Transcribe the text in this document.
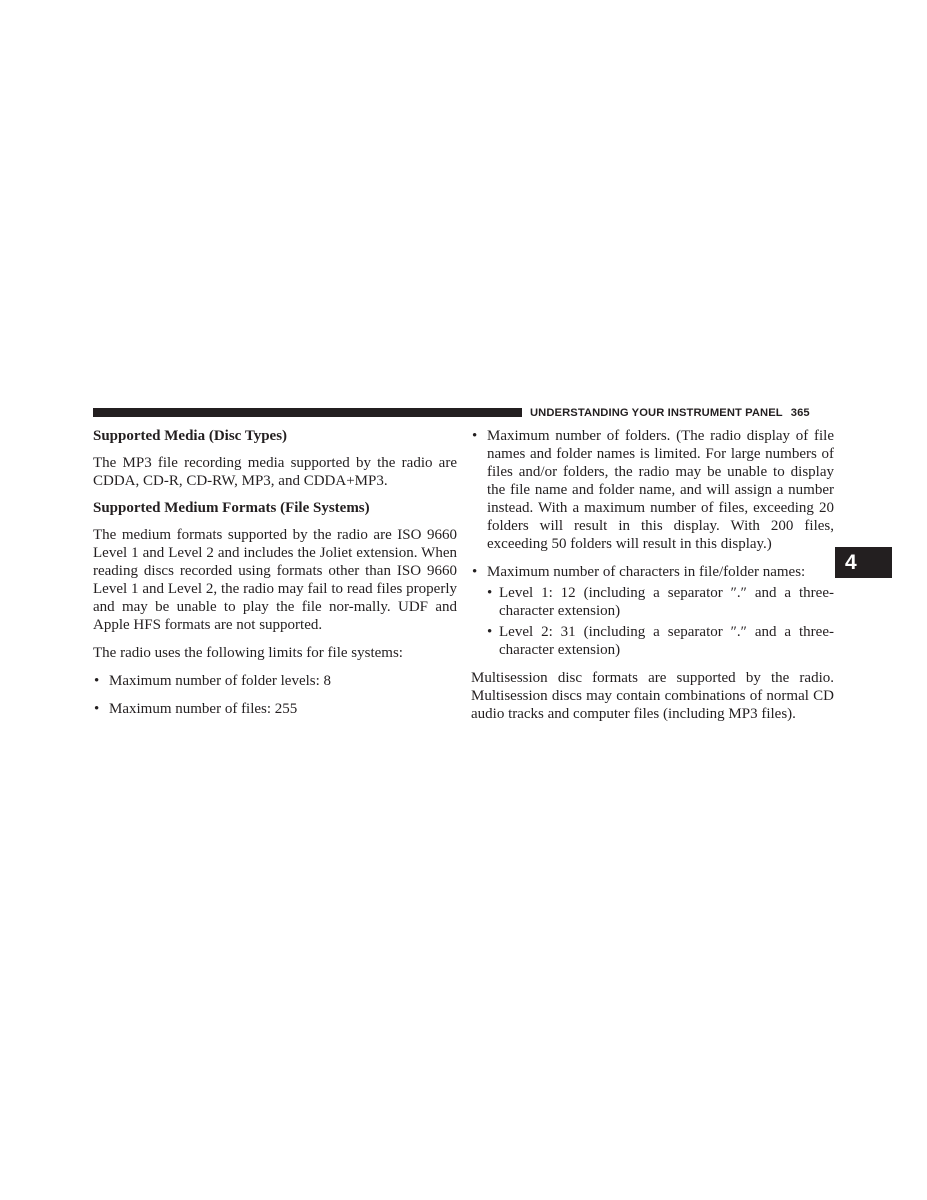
UNDERSTANDING YOUR INSTRUMENT PANEL 365
4
Supported Media (Disc Types)

The MP3 file recording media supported by the radio are CDDA, CD-R, CD-RW, MP3, and CDDA+MP3.

Supported Medium Formats (File Systems)

The medium formats supported by the radio are ISO 9660 Level 1 and Level 2 and includes the Joliet extension. When reading discs recorded using formats other than ISO 9660 Level 1 and Level 2, the radio may fail to read files properly and may be unable to play the file nor-mally. UDF and Apple HFS formats are not supported.

The radio uses the following limits for file systems:

• Maximum number of folder levels: 8
• Maximum number of files: 255
• Maximum number of folders. (The radio display of file names and folder names is limited. For large numbers of files and/or folders, the radio may be unable to display the file name and folder name, and will assign a number instead. With a maximum number of files, exceeding 20 folders will result in this display. With 200 files, exceeding 50 folders will result in this display.)
• Maximum number of characters in file/folder names:
• Level 1: 12 (including a separator ″.″ and a three-character extension)
• Level 2: 31 (including a separator ″.″ and a three-character extension)

Multisession disc formats are supported by the radio. Multisession discs may contain combinations of normal CD audio tracks and computer files (including MP3 files).
